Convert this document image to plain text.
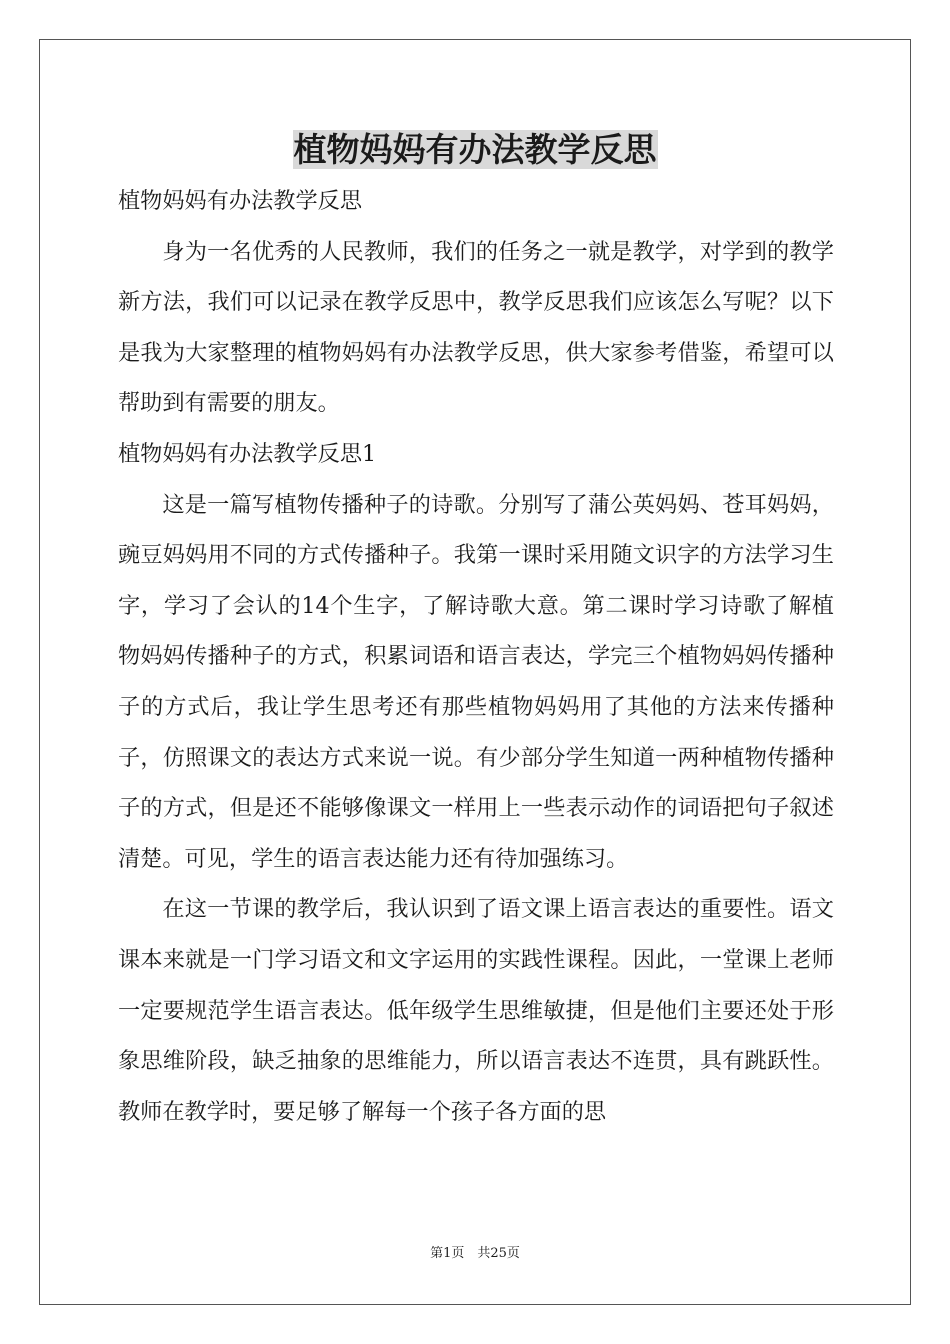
植物妈妈有办法教学反思

植物妈妈有办法教学反思

身为一名优秀的人民教师，我们的任务之一就是教学，对学到的教学新方法，我们可以记录在教学反思中，教学反思我们应该怎么写呢？以下是我为大家整理的植物妈妈有办法教学反思，供大家参考借鉴，希望可以帮助到有需要的朋友。

植物妈妈有办法教学反思1

这是一篇写植物传播种子的诗歌。分别写了蒲公英妈妈、苍耳妈妈，豌豆妈妈用不同的方式传播种子。我第一课时采用随文识字的方法学习生字，学习了会认的14个生字，了解诗歌大意。第二课时学习诗歌了解植物妈妈传播种子的方式，积累词语和语言表达，学完三个植物妈妈传播种子的方式后，我让学生思考还有那些植物妈妈用了其他的方法来传播种子，仿照课文的表达方式来说一说。有少部分学生知道一两种植物传播种子的方式，但是还不能够像课文一样用上一些表示动作的词语把句子叙述清楚。可见，学生的语言表达能力还有待加强练习。

在这一节课的教学后，我认识到了语文课上语言表达的重要性。语文课本来就是一门学习语文和文字运用的实践性课程。因此，一堂课上老师一定要规范学生语言表达。低年级学生思维敏捷，但是他们主要还处于形象思维阶段，缺乏抽象的思维能力，所以语言表达不连贯，具有跳跃性。教师在教学时，要足够了解每一个孩子各方面的思

第1页　共25页
